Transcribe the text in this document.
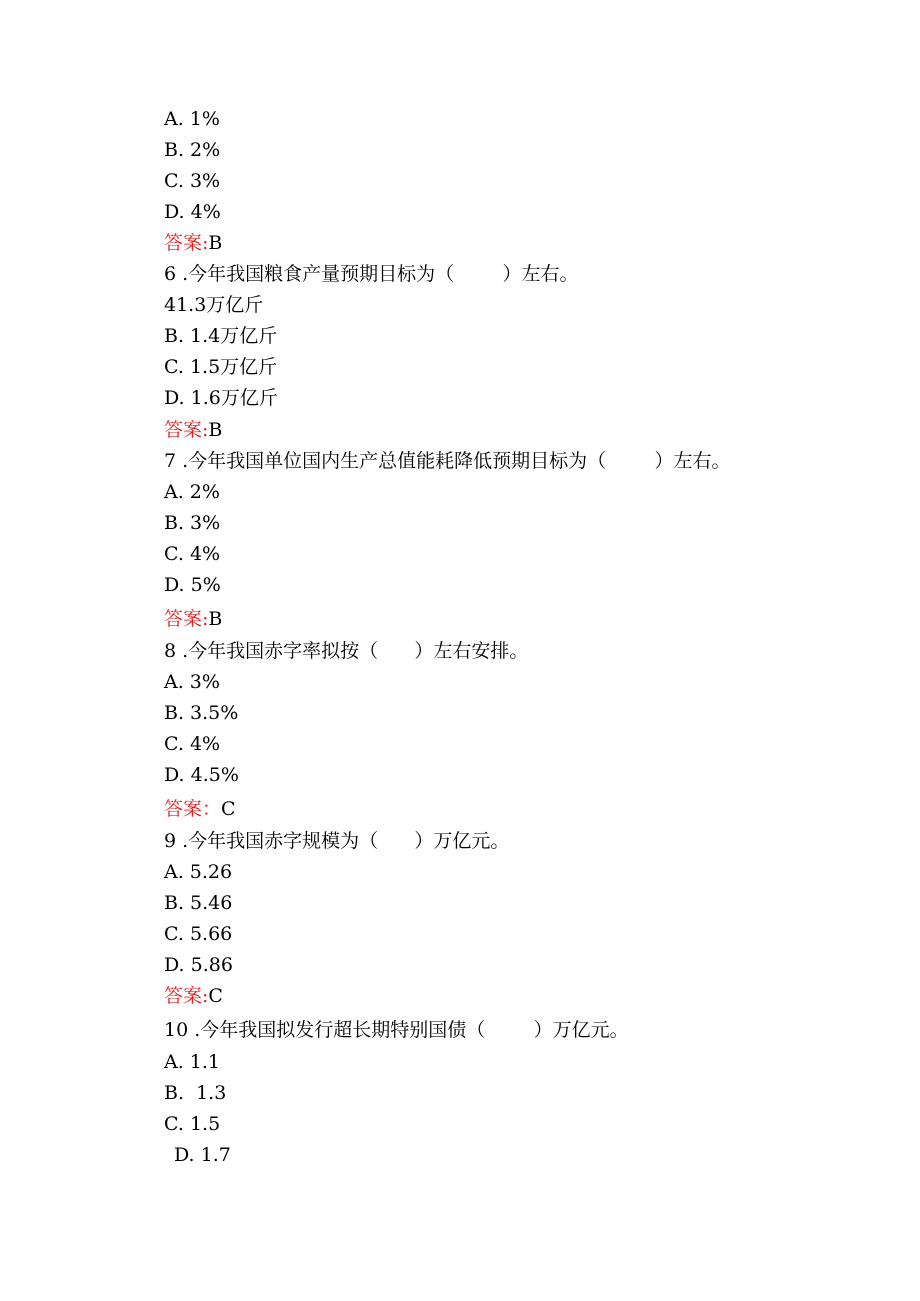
A. 1%
B. 2%
C. 3%
D. 4%
答案:B
6 .今年我国粮食产量预期目标为（        ）左右。
41.3万亿斤
B. 1.4万亿斤
C. 1.5万亿斤
D. 1.6万亿斤
答案:B
7 .今年我国单位国内生产总值能耗降低预期目标为（        ）左右。
A. 2%
B. 3%
C. 4%
D. 5%
答案:B
8 .今年我国赤字率拟按（      ）左右安排。
A. 3%
B. 3.5%
C. 4%
D. 4.5%
答案：C
9 .今年我国赤字规模为（      ）万亿元。
A. 5.26
B. 5.46
C. 5.66
D. 5.86
答案:C
10 .今年我国拟发行超长期特别国债（        ）万亿元。
A. 1.1
B.  1.3
C. 1.5
D. 1.7
